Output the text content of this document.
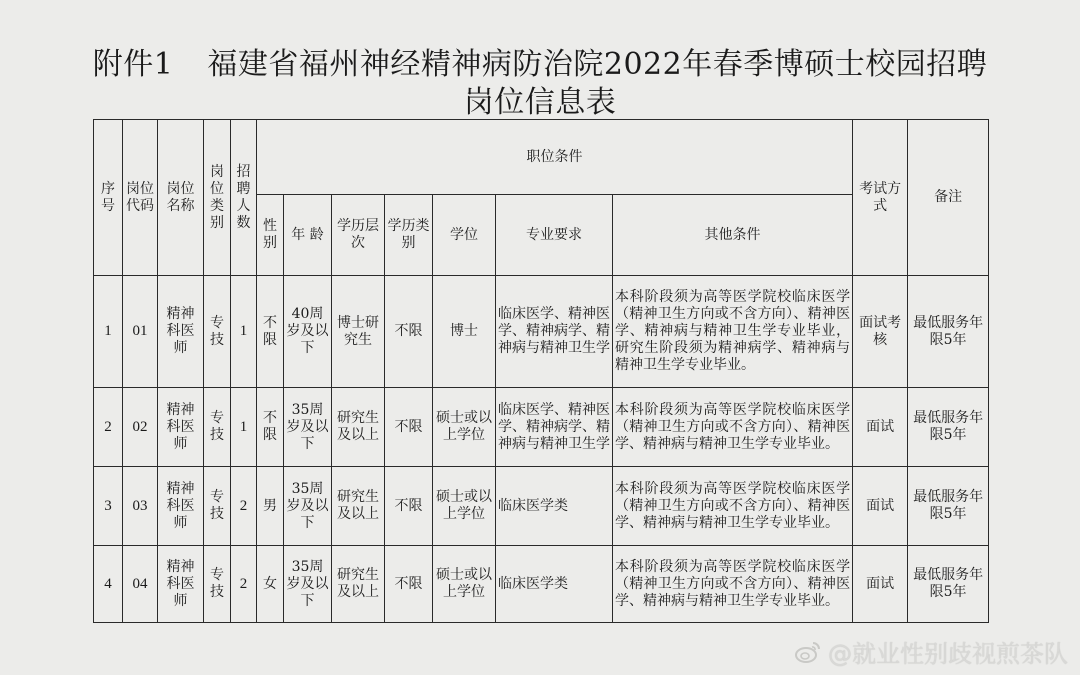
附件1 福建省福州神经精神病防治院2022年春季博硕士校园招聘
岗位信息表
序号	岗位代码	岗位名称	岗位类别	招聘人数	职位条件							考试方式	备注
					性别	年 龄	学历层次	学历类别	学位	专业要求	其他条件		
1	01	精神科医师	专技	1	不限	40周岁及以下	博士研究生	不限	博士	临床医学、精神医学、精神病学、精神病与精神卫生学	本科阶段须为高等医学院校临床医学（精神卫生方向或不含方向）、精神医学、精神病与精神卫生学专业毕业，研究生阶段须为精神病学、精神病与精神卫生学专业毕业。	面试考核	最低服务年限5年
2	02	精神科医师	专技	1	不限	35周岁及以下	研究生及以上	不限	硕士或以上学位	临床医学、精神医学、精神病学、精神病与精神卫生学	本科阶段须为高等医学院校临床医学（精神卫生方向或不含方向）、精神医学、精神病与精神卫生学专业毕业。	面试	最低服务年限5年
3	03	精神科医师	专技	2	男	35周岁及以下	研究生及以上	不限	硕士或以上学位	临床医学类	本科阶段须为高等医学院校临床医学（精神卫生方向或不含方向）、精神医学、精神病与精神卫生学专业毕业。	面试	最低服务年限5年
4	04	精神科医师	专技	2	女	35周岁及以下	研究生及以上	不限	硕士或以上学位	临床医学类	本科阶段须为高等医学院校临床医学（精神卫生方向或不含方向）、精神医学、精神病与精神卫生学专业毕业。	面试	最低服务年限5年
@就业性别歧视煎茶队
